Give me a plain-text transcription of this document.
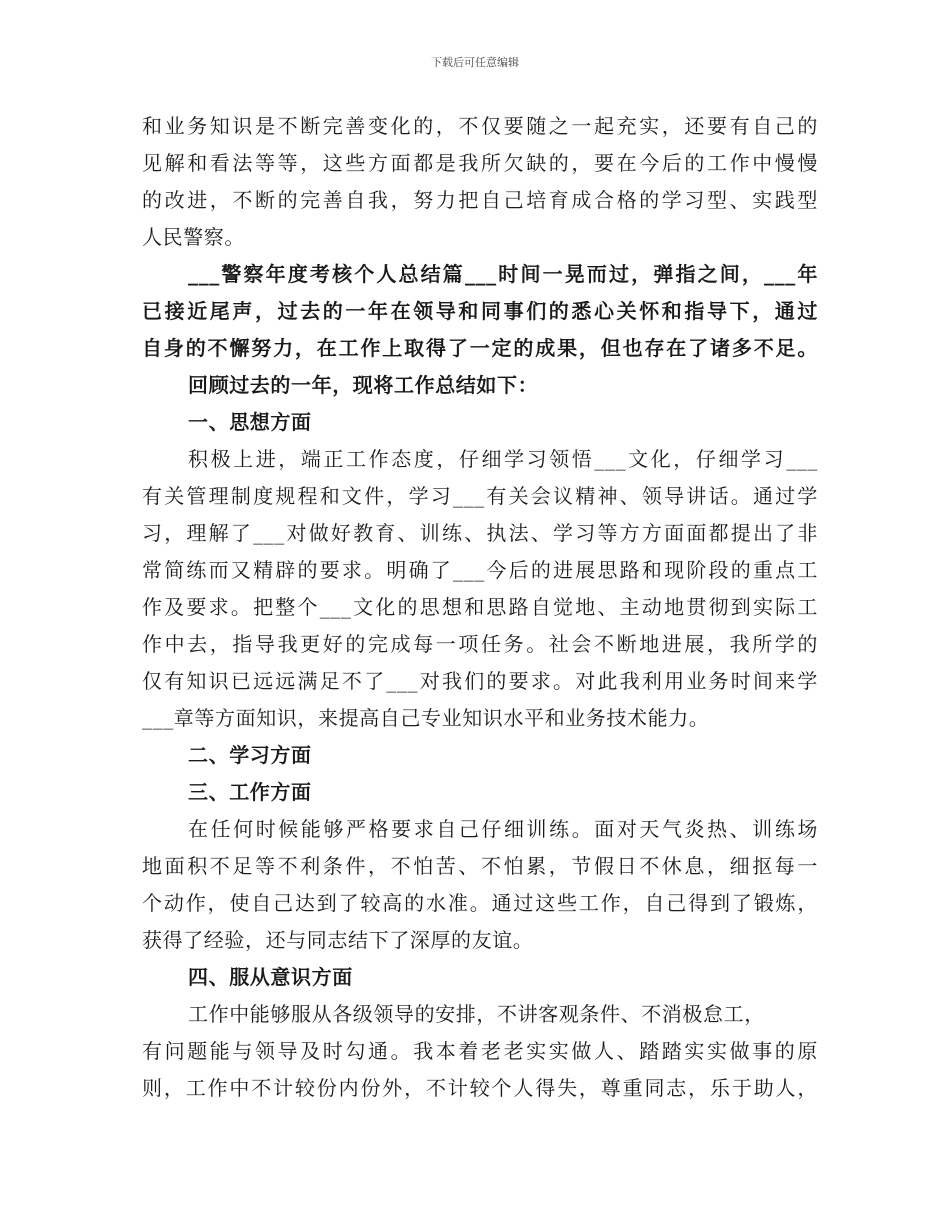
下载后可任意编辑
和业务知识是不断完善变化的，不仅要随之一起充实，还要有自己的
见解和看法等等，这些方面都是我所欠缺的，要在今后的工作中慢慢
的改进，不断的完善自我，努力把自己培育成合格的学习型、实践型
人民警察。
___警察年度考核个人总结篇___时间一晃而过，弹指之间，___年
已接近尾声，过去的一年在领导和同事们的悉心关怀和指导下，通过
自身的不懈努力，在工作上取得了一定的成果，但也存在了诸多不足。
回顾过去的一年，现将工作总结如下：
一、思想方面
积极上进，端正工作态度，仔细学习领悟___文化，仔细学习___
有关管理制度规程和文件，学习___有关会议精神、领导讲话。通过学
习，理解了___对做好教育、训练、执法、学习等方方面面都提出了非
常简练而又精辟的要求。明确了___今后的进展思路和现阶段的重点工
作及要求。把整个___文化的思想和思路自觉地、主动地贯彻到实际工
作中去，指导我更好的完成每一项任务。社会不断地进展，我所学的
仅有知识已远远满足不了___对我们的要求。对此我利用业务时间来学
___章等方面知识，来提高自己专业知识水平和业务技术能力。
二、学习方面
三、工作方面
在任何时候能够严格要求自己仔细训练。面对天气炎热、训练场
地面积不足等不利条件，不怕苦、不怕累，节假日不休息，细抠每一
个动作，使自己达到了较高的水准。通过这些工作，自己得到了锻炼，
获得了经验，还与同志结下了深厚的友谊。
四、服从意识方面
工作中能够服从各级领导的安排，不讲客观条件、不消极怠工，
有问题能与领导及时勾通。我本着老老实实做人、踏踏实实做事的原
则，工作中不计较份内份外，不计较个人得失，尊重同志，乐于助人，
